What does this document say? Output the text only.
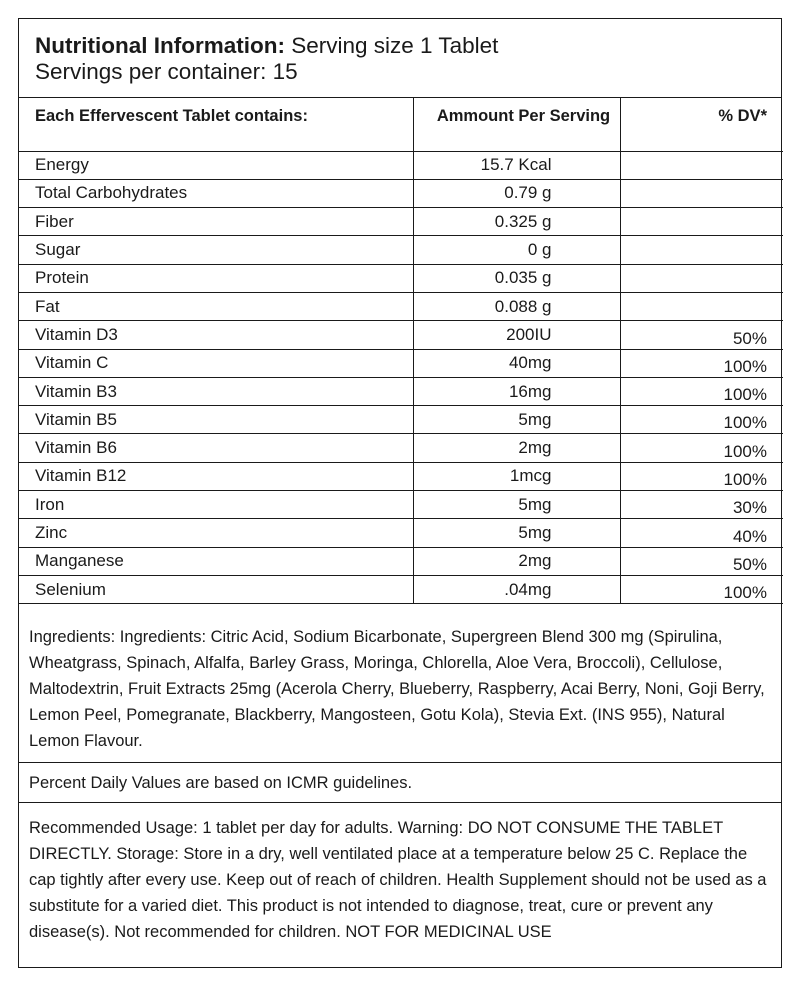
Nutritional Information: Serving size 1 Tablet
Servings per container: 15
Each Effervescent Tablet contains:	Ammount Per Serving	% DV*
Energy	15.7 Kcal	
Total Carbohydrates	0.79 g	
Fiber	0.325 g	
Sugar	0 g	
Protein	0.035 g	
Fat	0.088 g	
Vitamin D3	200IU	50%
Vitamin C	40mg	100%
Vitamin B3	16mg	100%
Vitamin B5	5mg	100%
Vitamin B6	2mg	100%
Vitamin B12	1mcg	100%
Iron	5mg	30%
Zinc	5mg	40%
Manganese	2mg	50%
Selenium	.04mg	100%
Ingredients: Ingredients: Citric Acid, Sodium Bicarbonate, Supergreen Blend 300 mg (Spirulina, Wheatgrass, Spinach, Alfalfa, Barley Grass, Moringa, Chlorella, Aloe Vera, Broccoli), Cellulose, Maltodextrin, Fruit Extracts 25mg (Acerola Cherry, Blueberry, Raspberry, Acai Berry, Noni, Goji Berry, Lemon Peel, Pomegranate, Blackberry, Mangosteen, Gotu Kola), Stevia Ext. (INS 955), Natural Lemon Flavour.
Percent Daily Values are based on ICMR guidelines.
Recommended Usage: 1 tablet per day for adults. Warning: DO NOT CONSUME THE TABLET DIRECTLY. Storage: Store in a dry, well ventilated place at a temperature below 25 C. Replace the cap tightly after every use. Keep out of reach of children. Health Supplement should not be used as a substitute for a varied diet. This product is not intended to diagnose, treat, cure or prevent any disease(s). Not recommended for children. NOT FOR MEDICINAL USE
